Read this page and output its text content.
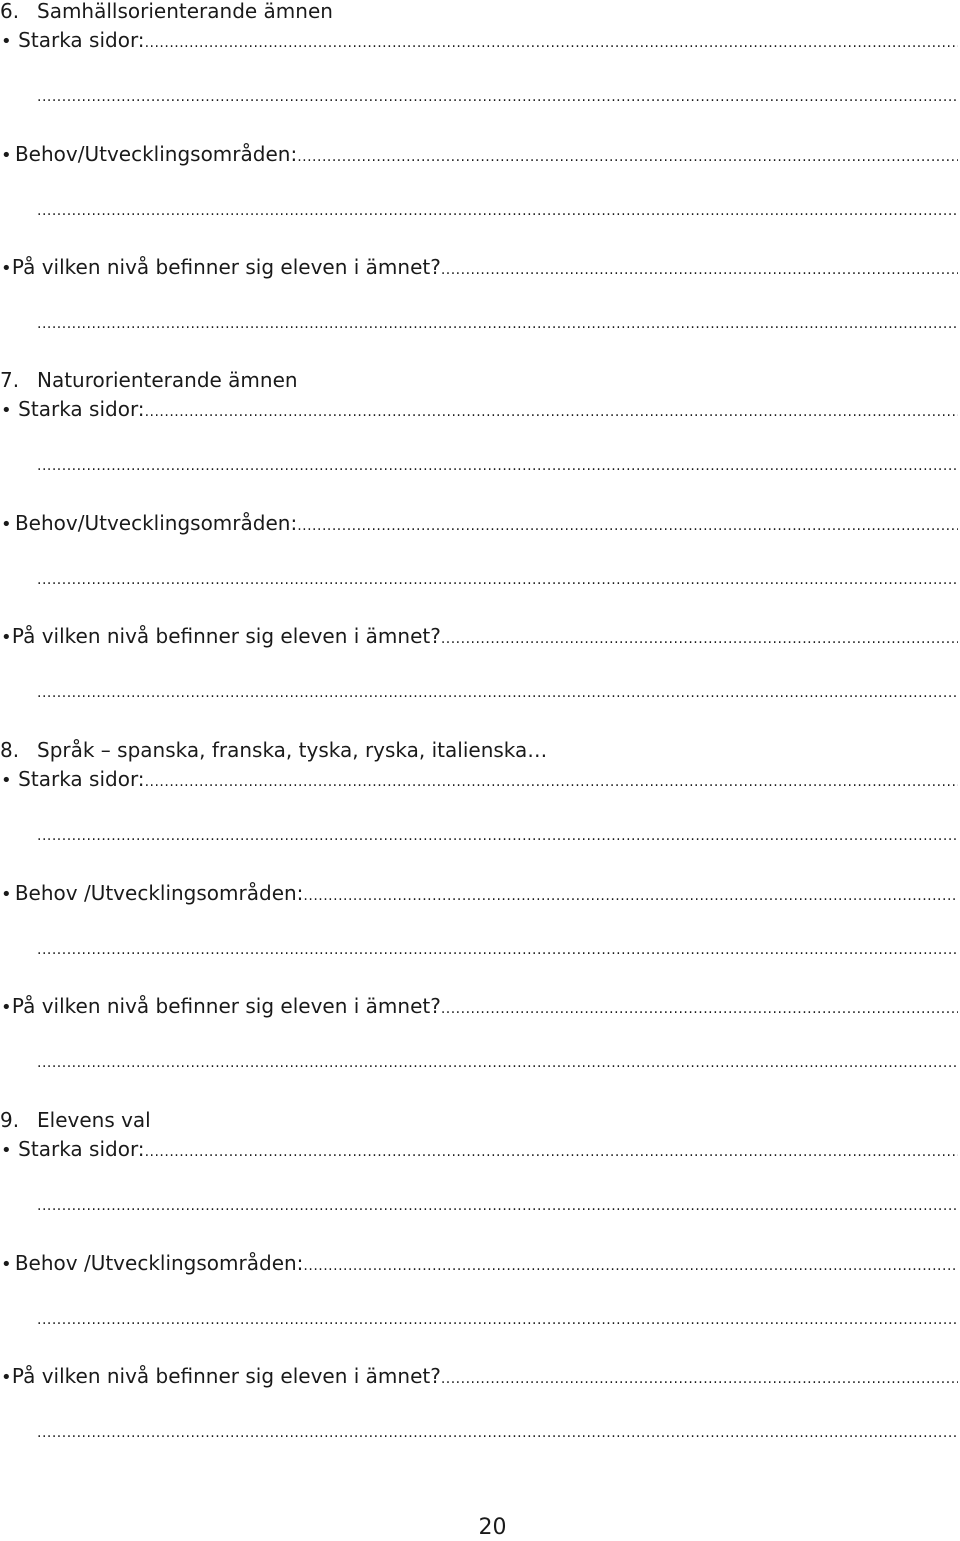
6. Samhällsorienterande ämnen
• Starka sidor:
.....
.....
• Behov/Utvecklingsområden:
.....
.....
• På vilken nivå befinner sig eleven i ämnet?
.....
.....
7. Naturorienterande ämnen
• Starka sidor:
.....
.....
• Behov/Utvecklingsområden:
.....
.....
• På vilken nivå befinner sig eleven i ämnet?
.....
.....
8. Språk – spanska, franska, tyska, ryska, italienska…
• Starka sidor:
.....
.....
• Behov /Utvecklingsområden:
.....
.....
• På vilken nivå befinner sig eleven i ämnet?
.....
.....
9. Elevens val
• Starka sidor:
.....
.....
• Behov /Utvecklingsområden:
.....
.....
• På vilken nivå befinner sig eleven i ämnet?
.....
.....
20
